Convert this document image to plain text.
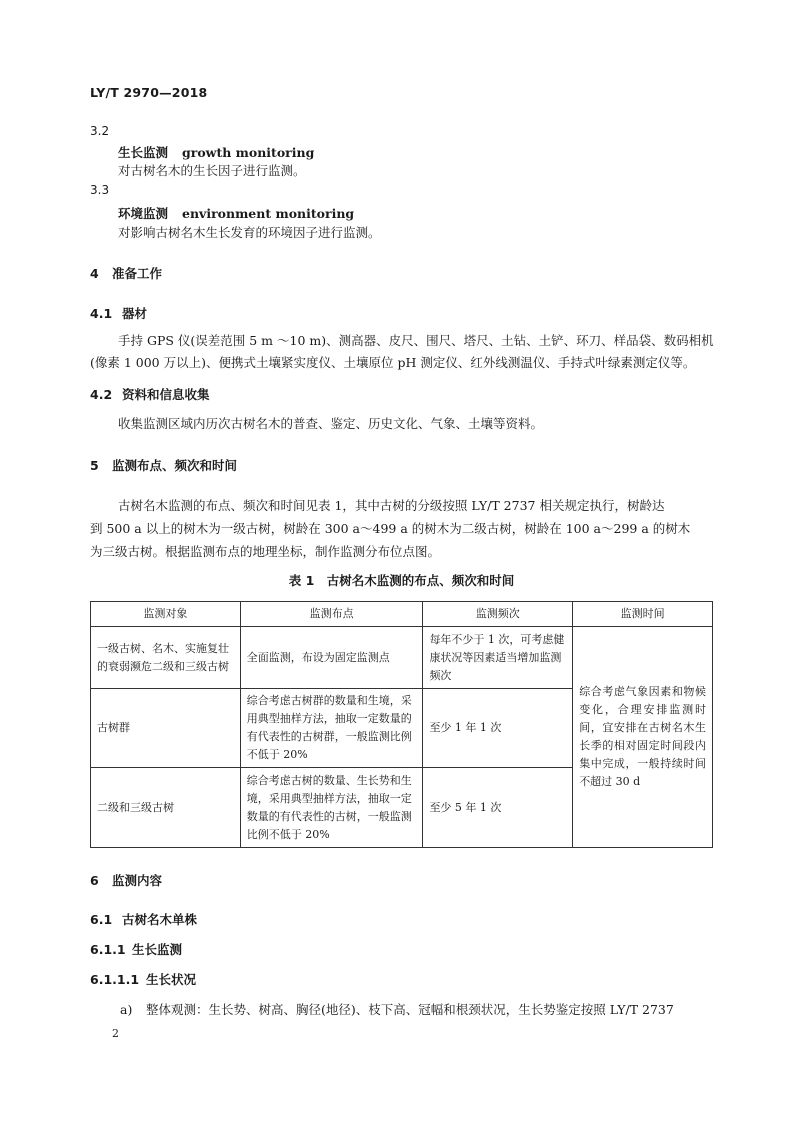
LY/T 2970—2018
3.2
生长监测 growth monitoring
对古树名木的生长因子进行监测。
3.3
环境监测 environment monitoring
对影响古树名木生长发育的环境因子进行监测。
4 准备工作
4.1 器材
手持 GPS 仪(误差范围 5 m ～10 m)、测高器、皮尺、围尺、塔尺、土钻、土铲、环刀、样品袋、数码相机
(像素 1 000 万以上)、便携式土壤紧实度仪、土壤原位 pH 测定仪、红外线测温仪、手持式叶绿素测定仪等。
4.2 资料和信息收集
收集监测区域内历次古树名木的普查、鉴定、历史文化、气象、土壤等资料。
5 监测布点、频次和时间
古树名木监测的布点、频次和时间见表 1，其中古树的分级按照 LY/T 2737 相关规定执行，树龄达
到 500 a 以上的树木为一级古树，树龄在 300 a～499 a 的树木为二级古树，树龄在 100 a～299 a 的树木
为三级古树。根据监测布点的地理坐标，制作监测分布位点图。
表 1　古树名木监测的布点、频次和时间
监测对象	监测布点	监测频次	监测时间
一级古树、名木、实施复壮的衰弱濒危二级和三级古树	全面监测，布设为固定监测点	每年不少于 1 次，可考虑健康状况等因素适当增加监测频次	综合考虑气象因素和物候变化，合理安排监测时间，宜安排在古树名木生长季的相对固定时间段内集中完成，一般持续时间不超过 30 d
古树群	综合考虑古树群的数量和生境，采用典型抽样方法，抽取一定数量的有代表性的古树群，一般监测比例不低于 20%	至少 1 年 1 次	
二级和三级古树	综合考虑古树的数量、生长势和生境，采用典型抽样方法，抽取一定数量的有代表性的古树，一般监测比例不低于 20%	至少 5 年 1 次	
6 监测内容
6.1 古树名木单株
6.1.1 生长监测
6.1.1.1 生长状况
a) 整体观测：生长势、树高、胸径(地径)、枝下高、冠幅和根颈状况，生长势鉴定按照 LY/T 2737
2
